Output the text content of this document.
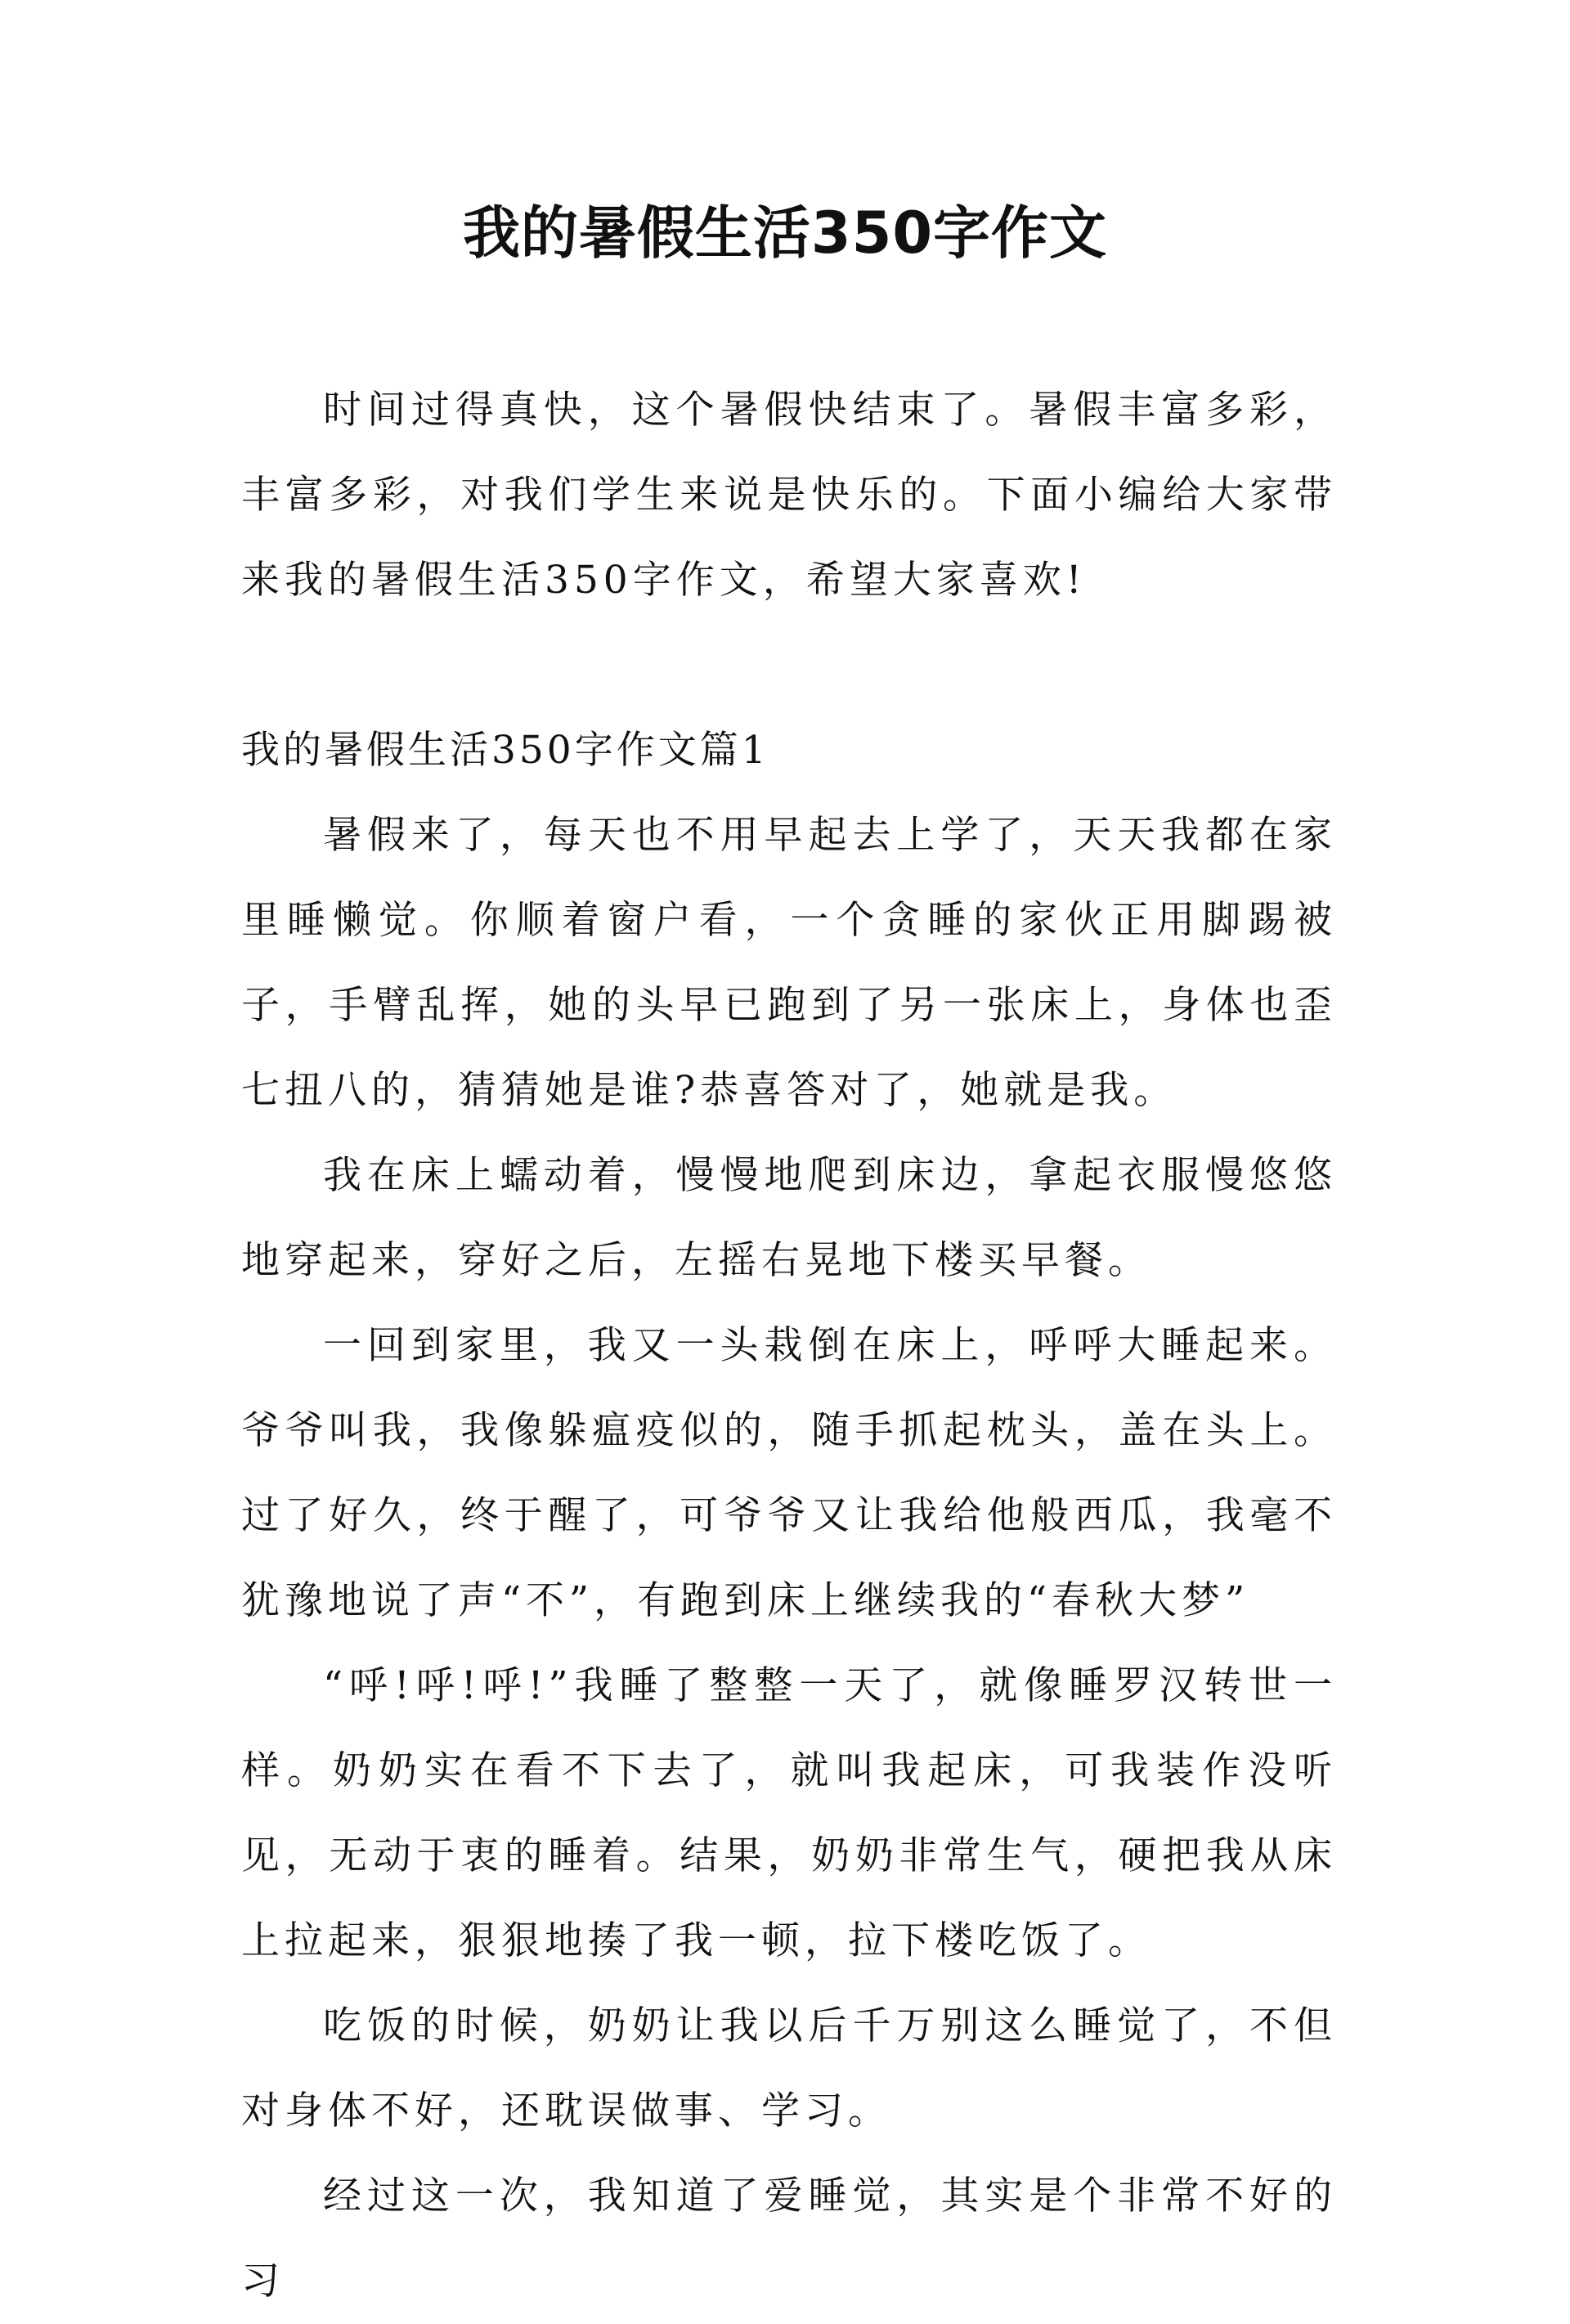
我的暑假生活350字作文

时间过得真快，这个暑假快结束了。暑假丰富多彩，丰富多彩，对我们学生来说是快乐的。下面小编给大家带来我的暑假生活350字作文，希望大家喜欢!

我的暑假生活350字作文篇1

暑假来了，每天也不用早起去上学了，天天我都在家里睡懒觉。你顺着窗户看，一个贪睡的家伙正用脚踢被子，手臂乱挥，她的头早已跑到了另一张床上，身体也歪七扭八的，猜猜她是谁?恭喜答对了，她就是我。

我在床上蠕动着，慢慢地爬到床边，拿起衣服慢悠悠地穿起来，穿好之后，左摇右晃地下楼买早餐。

一回到家里，我又一头栽倒在床上，呼呼大睡起来。爷爷叫我，我像躲瘟疫似的，随手抓起枕头，盖在头上。过了好久，终于醒了，可爷爷又让我给他般西瓜，我毫不犹豫地说了声“不”，有跑到床上继续我的“春秋大梦”

“呼!呼!呼!”我睡了整整一天了，就像睡罗汉转世一样。奶奶实在看不下去了，就叫我起床，可我装作没听见，无动于衷的睡着。结果，奶奶非常生气，硬把我从床上拉起来，狠狠地揍了我一顿，拉下楼吃饭了。

吃饭的时候，奶奶让我以后千万别这么睡觉了，不但对身体不好，还耽误做事、学习。

经过这一次，我知道了爱睡觉，其实是个非常不好的习
